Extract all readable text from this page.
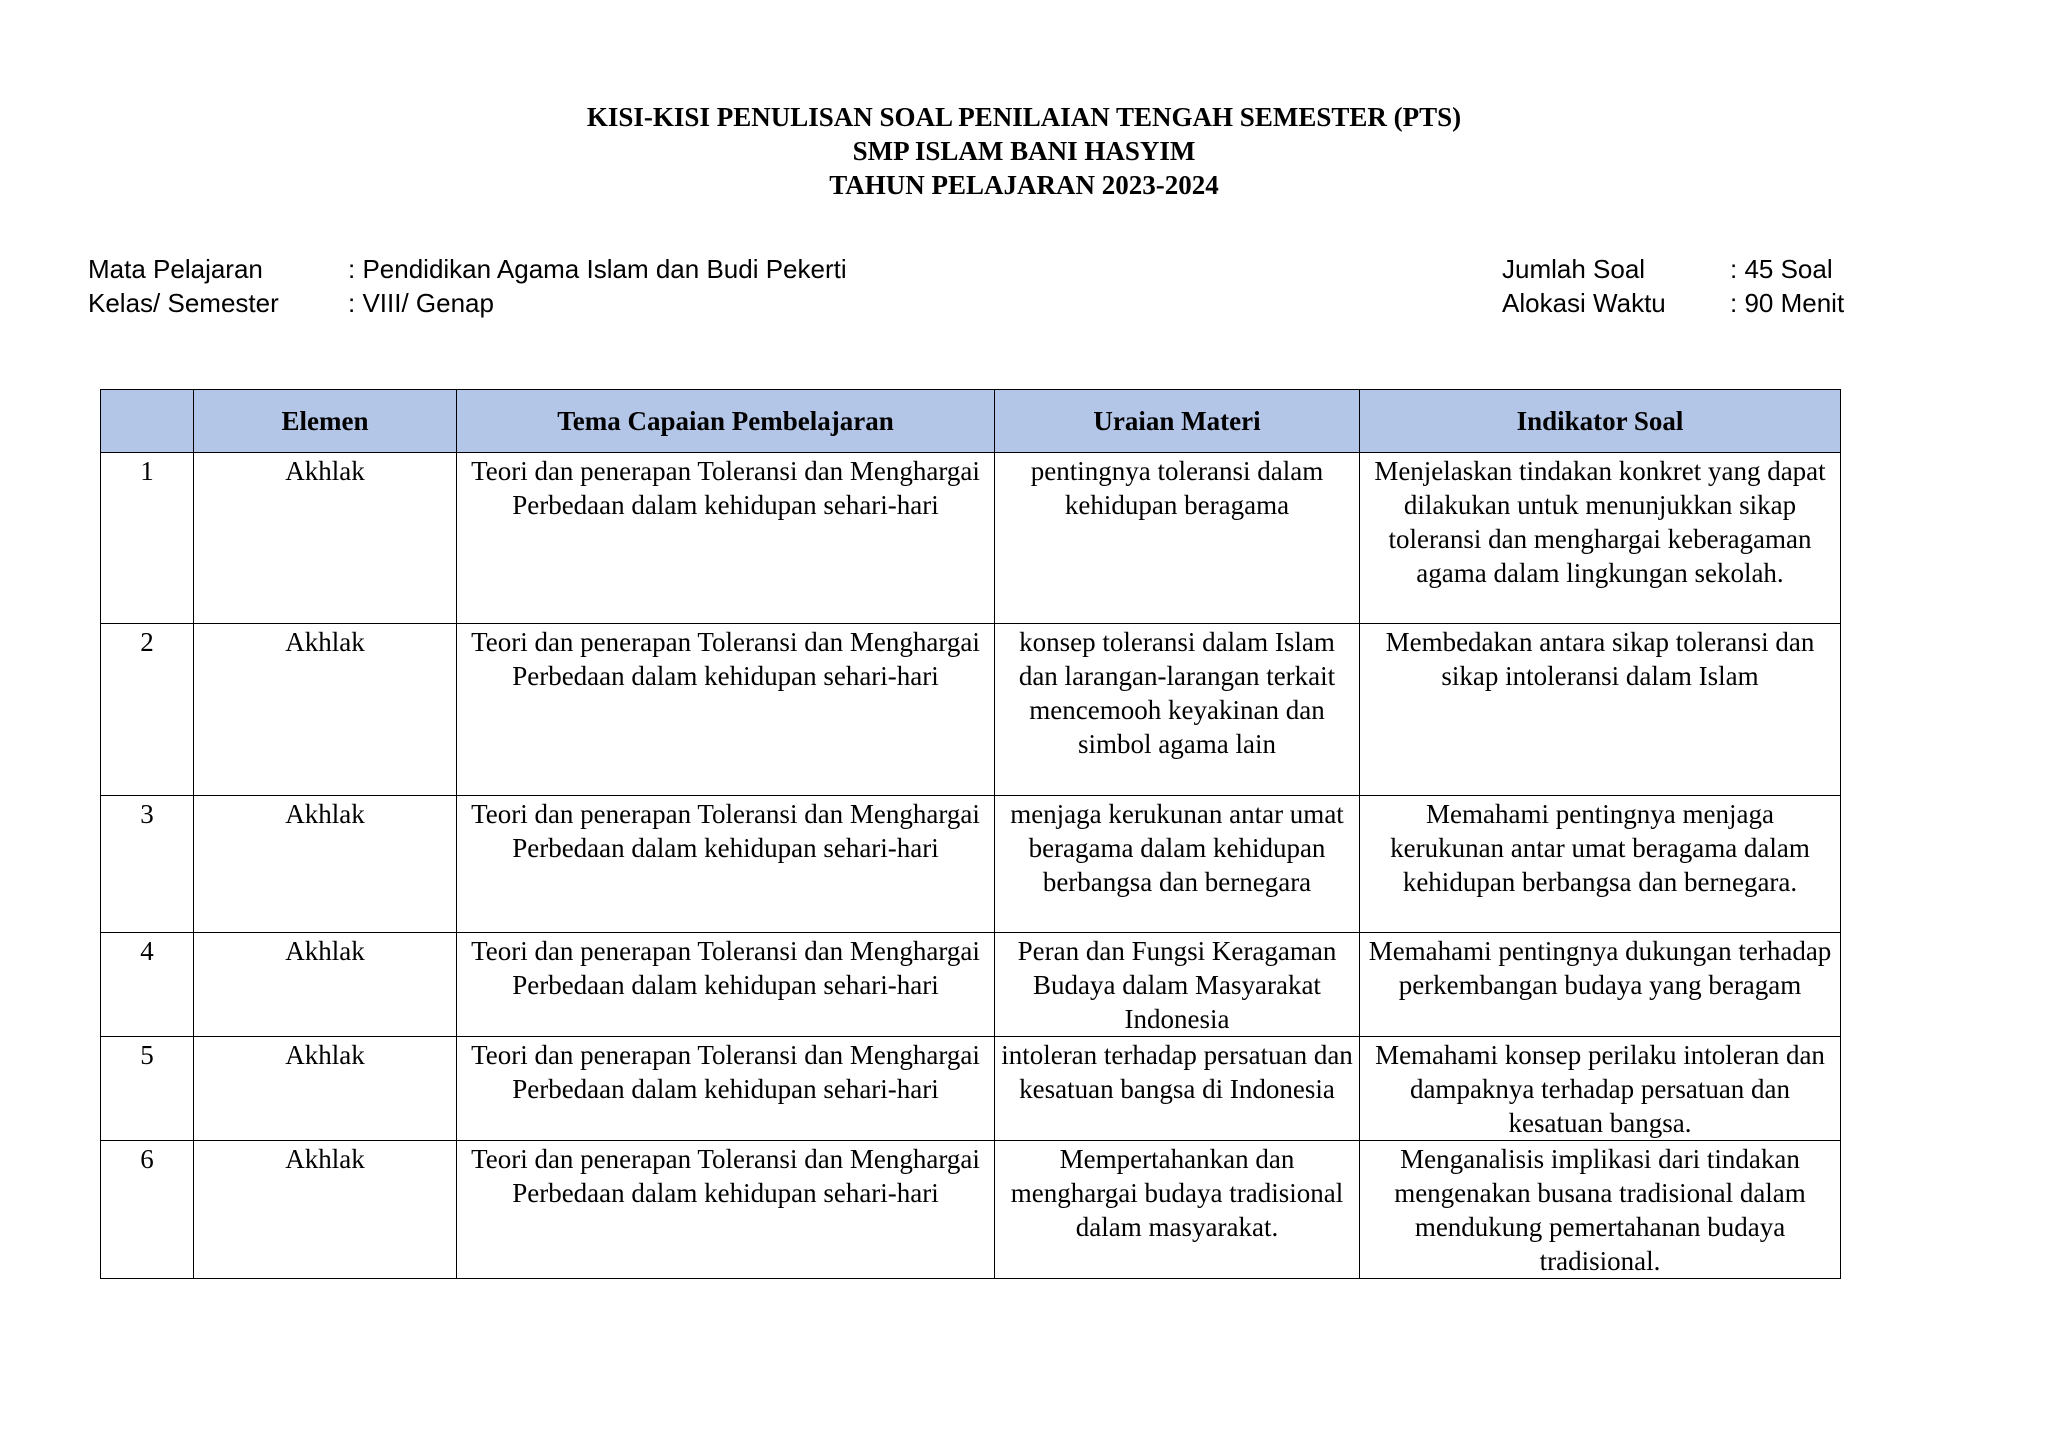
KISI-KISI PENULISAN SOAL PENILAIAN TENGAH SEMESTER (PTS)
SMP ISLAM BANI HASYIM
TAHUN PELAJARAN 2023-2024
Mata Pelajaran	: Pendidikan Agama Islam dan Budi Pekerti
Kelas/ Semester	: VIII/ Genap
Jumlah Soal	: 45 Soal
Alokasi Waktu : 90 Menit
	Elemen	Tema Capaian Pembelajaran	Uraian Materi	Indikator Soal
1	Akhlak	Teori dan penerapan Toleransi dan Menghargai Perbedaan dalam kehidupan sehari-hari	pentingnya toleransi dalam kehidupan beragama	Menjelaskan tindakan konkret yang dapat dilakukan untuk menunjukkan sikap toleransi dan menghargai keberagaman agama dalam lingkungan sekolah.
2	Akhlak	Teori dan penerapan Toleransi dan Menghargai Perbedaan dalam kehidupan sehari-hari	konsep toleransi dalam Islam dan larangan-larangan terkait mencemooh keyakinan dan simbol agama lain	Membedakan antara sikap toleransi dan sikap intoleransi dalam Islam
3	Akhlak	Teori dan penerapan Toleransi dan Menghargai Perbedaan dalam kehidupan sehari-hari	menjaga kerukunan antar umat beragama dalam kehidupan berbangsa dan bernegara	Memahami pentingnya menjaga kerukunan antar umat beragama dalam kehidupan berbangsa dan bernegara.
4	Akhlak	Teori dan penerapan Toleransi dan Menghargai Perbedaan dalam kehidupan sehari-hari	Peran dan Fungsi Keragaman Budaya dalam Masyarakat Indonesia	Memahami pentingnya dukungan terhadap perkembangan budaya yang beragam
5	Akhlak	Teori dan penerapan Toleransi dan Menghargai Perbedaan dalam kehidupan sehari-hari	intoleran terhadap persatuan dan kesatuan bangsa di Indonesia	Memahami konsep perilaku intoleran dan dampaknya terhadap persatuan dan kesatuan bangsa.
6	Akhlak	Teori dan penerapan Toleransi dan Menghargai Perbedaan dalam kehidupan sehari-hari	Mempertahankan dan menghargai budaya tradisional dalam masyarakat.	Menganalisis implikasi dari tindakan mengenakan busana tradisional dalam mendukung pemertahanan budaya tradisional.
